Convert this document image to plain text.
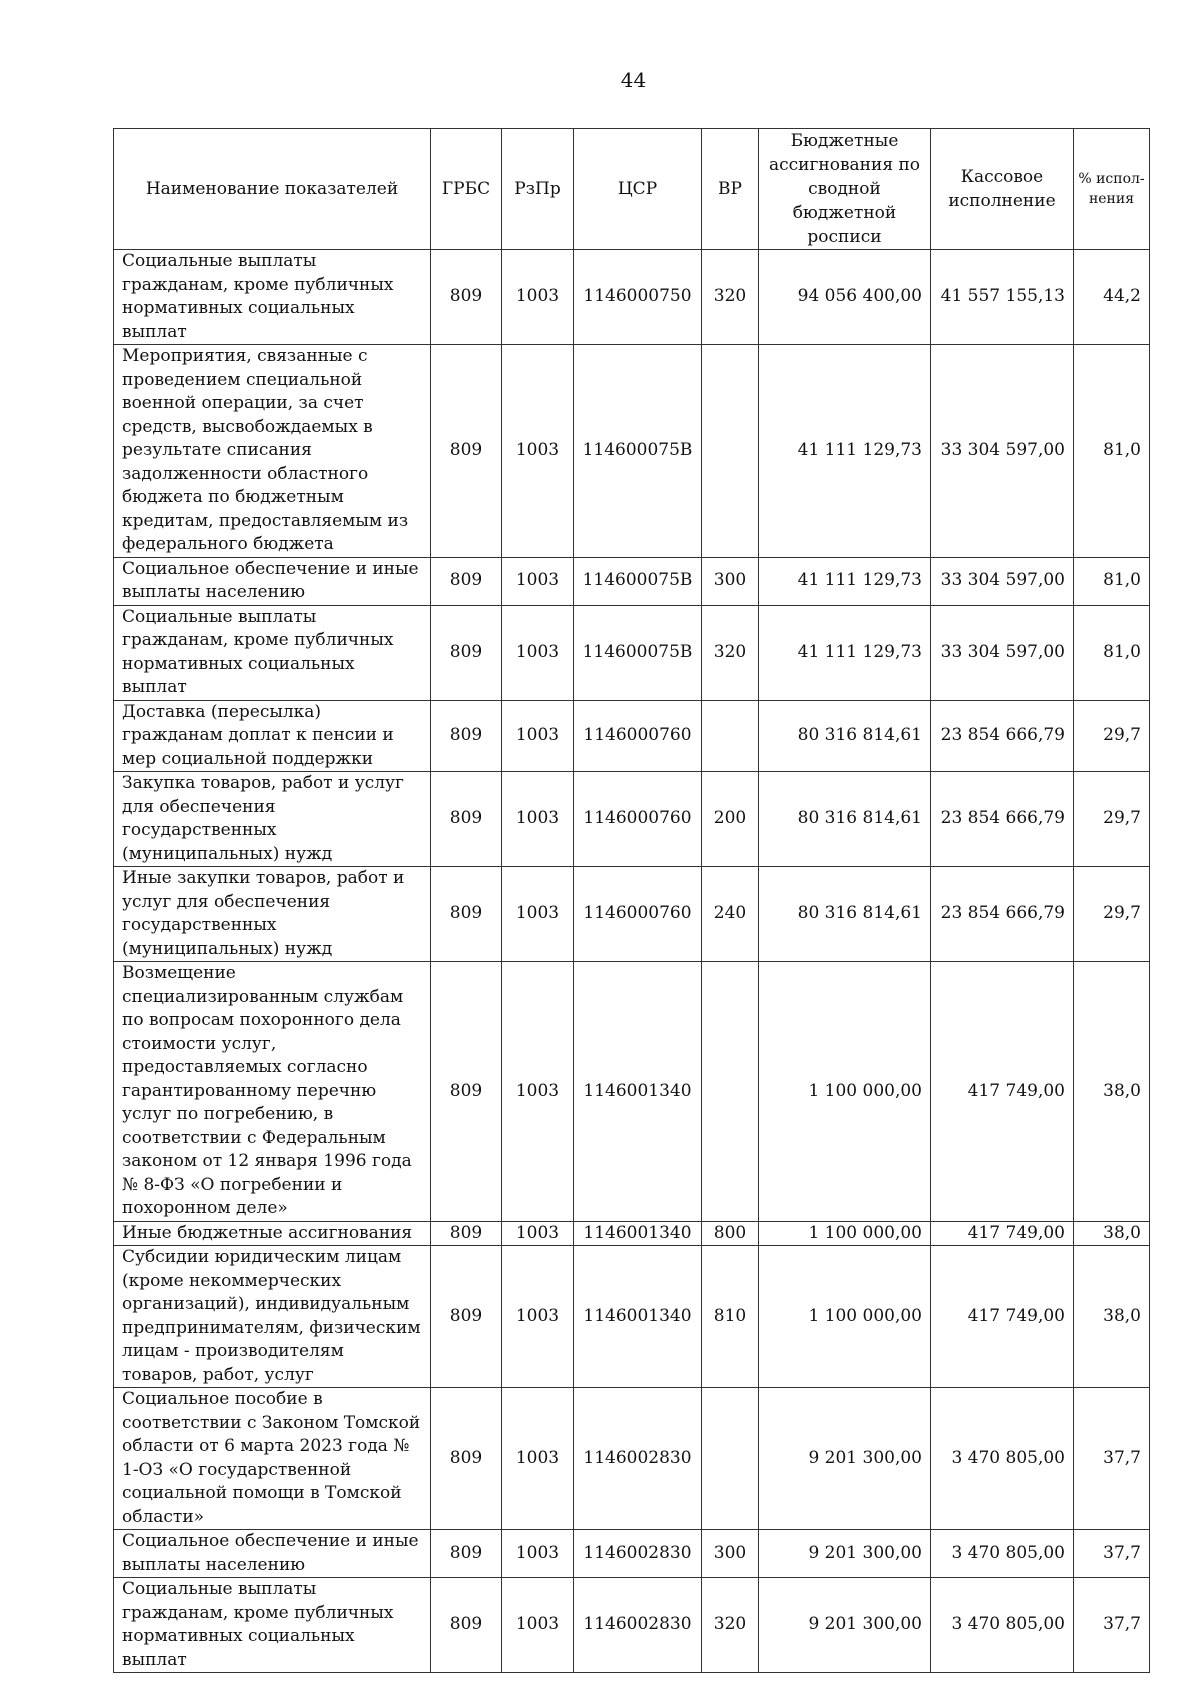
44
Наименование показателей	ГРБС	РзПр	ЦСР	ВР	Бюджетные ассигнования по сводной бюджетной росписи	Кассовое исполнение	% испол-нения
Социальные выплаты гражданам, кроме публичных нормативных социальных выплат	809	1003	1146000750	320	94 056 400,00	41 557 155,13	44,2
Мероприятия, связанные с проведением специальной военной операции, за счет средств, высвобождаемых в результате списания задолженности областного бюджета по бюджетным кредитам, предоставляемым из федерального бюджета	809	1003	114600075В		41 111 129,73	33 304 597,00	81,0
Социальное обеспечение и иные выплаты населению	809	1003	114600075В	300	41 111 129,73	33 304 597,00	81,0
Социальные выплаты гражданам, кроме публичных нормативных социальных выплат	809	1003	114600075В	320	41 111 129,73	33 304 597,00	81,0
Доставка (пересылка) гражданам доплат к пенсии и мер социальной поддержки	809	1003	1146000760		80 316 814,61	23 854 666,79	29,7
Закупка товаров, работ и услуг для обеспечения государственных (муниципальных) нужд	809	1003	1146000760	200	80 316 814,61	23 854 666,79	29,7
Иные закупки товаров, работ и услуг для обеспечения государственных (муниципальных) нужд	809	1003	1146000760	240	80 316 814,61	23 854 666,79	29,7
Возмещение специализированным службам по вопросам похоронного дела стоимости услуг, предоставляемых согласно гарантированному перечню услуг по погребению, в соответствии с Федеральным законом от 12 января 1996 года № 8-ФЗ «О погребении и похоронном деле»	809	1003	1146001340		1 100 000,00	417 749,00	38,0
Иные бюджетные ассигнования	809	1003	1146001340	800	1 100 000,00	417 749,00	38,0
Субсидии юридическим лицам (кроме некоммерческих организаций), индивидуальным предпринимателям, физическим лицам - производителям товаров, работ, услуг	809	1003	1146001340	810	1 100 000,00	417 749,00	38,0
Социальное пособие в соответствии с Законом Томской области от 6 марта 2023 года № 1-ОЗ «О государственной социальной помощи в Томской области»	809	1003	1146002830		9 201 300,00	3 470 805,00	37,7
Социальное обеспечение и иные выплаты населению	809	1003	1146002830	300	9 201 300,00	3 470 805,00	37,7
Социальные выплаты гражданам, кроме публичных нормативных социальных выплат	809	1003	1146002830	320	9 201 300,00	3 470 805,00	37,7
